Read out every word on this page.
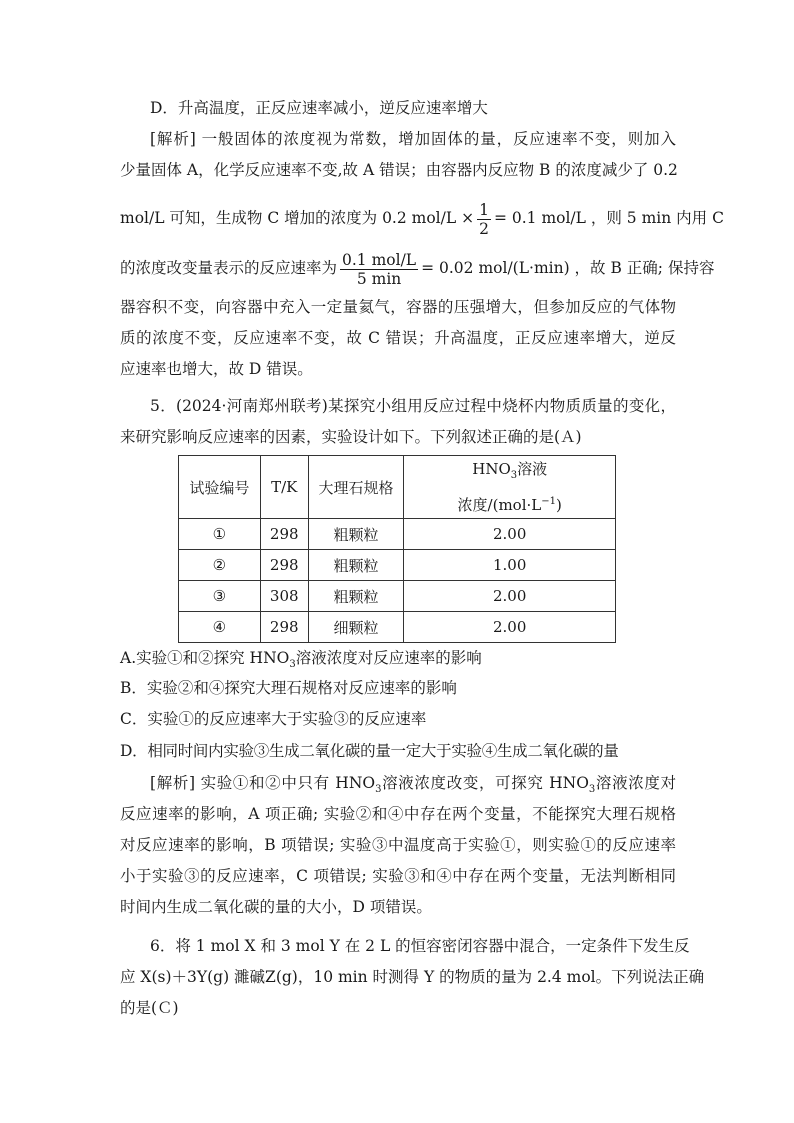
D．升高温度，正反应速率减小，逆反应速率增大
[解析] 一般固体的浓度视为常数，增加固体的量，反应速率不变，则加入
少量固体 A，化学反应速率不变,故 A 错误；由容器内反应物 B 的浓度减少了 0.2
mol/L 可知，生成物 C 增加的浓度为 0.2 $mol/L \times \frac{1}{2} = 0.1$ mol/L ，则 5 min 内用 C
的浓度改变量表示的反应速率为 $\frac{\text{0.1 mol/L}}{5 \min} = 0.02$ mol/(L·min) ，故 B 正确; 保持容
器容积不变，向容器中充入一定量氦气，容器的压强增大，但参加反应的气体物
质的浓度不变，反应速率不变，故 C 错误；升高温度，正反应速率增大，逆反
应速率也增大，故 D 错误。
5．(2024·河南郑州联考)某探究小组用反应过程中烧杯内物质质量的变化，
来研究影响反应速率的因素，实验设计如下。下列叙述正确的是(Ａ)
试验编号	T/K	大理石规格	$HNO_3$溶液
浓度$/(mol\cdot L^{-1})$

①	298	粗颗粒	2.00
②	298	粗颗粒	1.00
③	308	粗颗粒	2.00
④	298	细颗粒	2.00
A.实验①和②探究 $HNO_3$溶液浓度对反应速率的影响
B．实验②和④探究大理石规格对反应速率的影响
C．实验①的反应速率大于实验③的反应速率
D．相同时间内实验③生成二氧化碳的量一定大于实验④生成二氧化碳的量
[解析] 实验①和②中只有 $HNO_3$溶液浓度改变，可探究 $HNO_3$溶液浓度对
反应速率的影响，A 项正确; 实验②和④中存在两个变量，不能探究大理石规格
对反应速率的影响，B 项错误; 实验③中温度高于实验①，则实验①的反应速率
小于实验③的反应速率，C 项错误; 实验③和④中存在两个变量，无法判断相同
时间内生成二氧化碳的量的大小，D 项错误。
6．将 1 mol X 和 3 mol Y 在 2 L 的恒容密闭容器中混合，一定条件下发生反
应 X(s)＋3Y(g) 濉磩Z(g)，10 min 时测得 Y 的物质的量为 2.4 mol。下列说法正确
的是(Ｃ)
